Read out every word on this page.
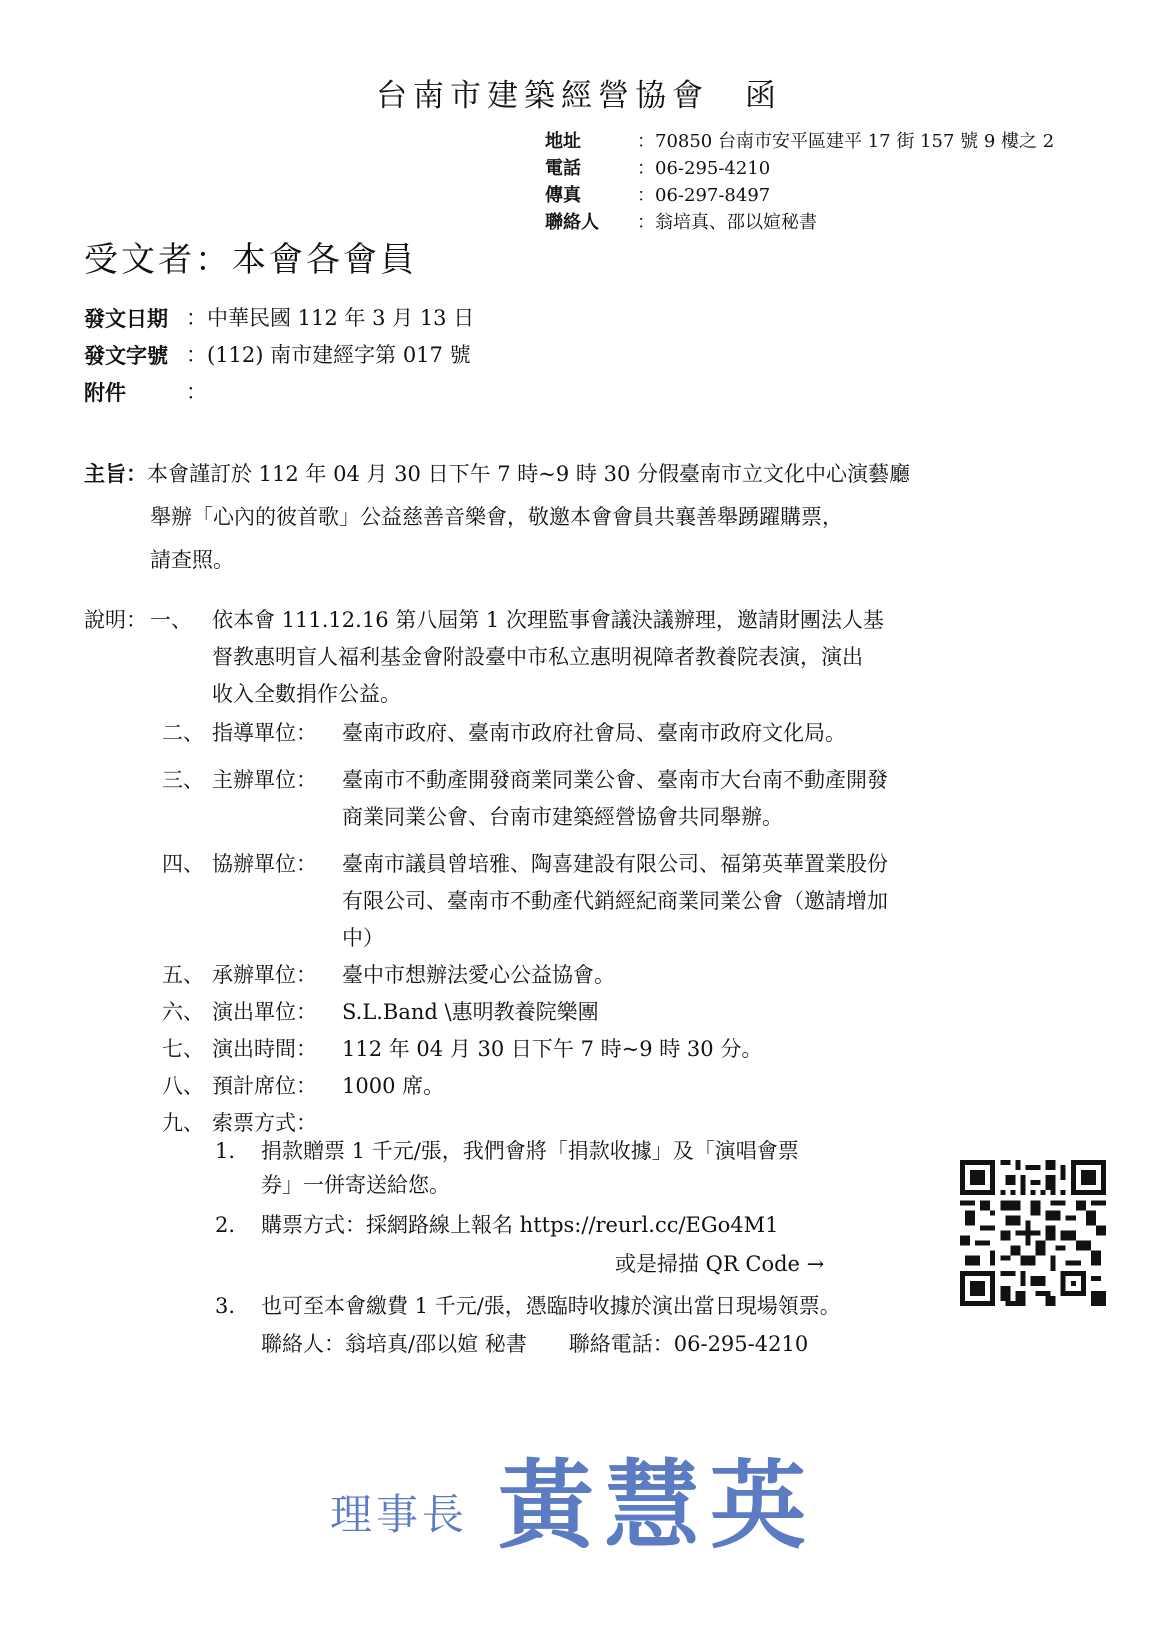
台南市建築經營協會 函
地址	： 70850 台南市安平區建平 17 街 157 號 9 樓之 2
電話	： 06-295-4210
傳真	： 06-297-8497
聯絡人	： 翁培真、邵以媗秘書
受文者：本會各會員
發文日期 ： 中華民國 112 年 3 月 13 日
發文字號 ： (112) 南市建經字第 017 號
附件	：
主旨：本會謹訂於 112 年 04 月 30 日下午 7 時~9 時 30 分假臺南市立文化中心演藝廳
舉辦「心內的彼首歌」公益慈善音樂會，敬邀本會會員共襄善舉踴躍購票，
請查照。
說明： 一、 依本會 111.12.16 第八屆第 1 次理監事會議決議辦理，邀請財團法人基
督教惠明盲人福利基金會附設臺中市私立惠明視障者教養院表演，演出
收入全數捐作公益。
二、 指導單位： 臺南市政府、臺南市政府社會局、臺南市政府文化局。
三、 主辦單位： 臺南市不動產開發商業同業公會、臺南市大台南不動產開發
商業同業公會、台南市建築經營協會共同舉辦。
四、 協辦單位： 臺南市議員曾培雅、陶喜建設有限公司、福第英華置業股份
有限公司、臺南市不動產代銷經紀商業同業公會（邀請增加
中）
五、 承辦單位： 臺中市想辦法愛心公益協會。
六、 演出單位： S.L.Band \惠明教養院樂團
七、 演出時間： 112 年 04 月 30 日下午 7 時~9 時 30 分。
八、 預計席位： 1000 席。
九、 索票方式：
1. 捐款贈票 1 千元/張，我們會將「捐款收據」及「演唱會票
券」一併寄送給您。
2. 購票方式：採網路線上報名 https://reurl.cc/EGo4M1
或是掃描 QR Code →
3. 也可至本會繳費 1 千元/張，憑臨時收據於演出當日現場領票。
聯絡人：翁培真/邵以媗 秘書　　聯絡電話：06-295-4210
理事長 黃慧英
